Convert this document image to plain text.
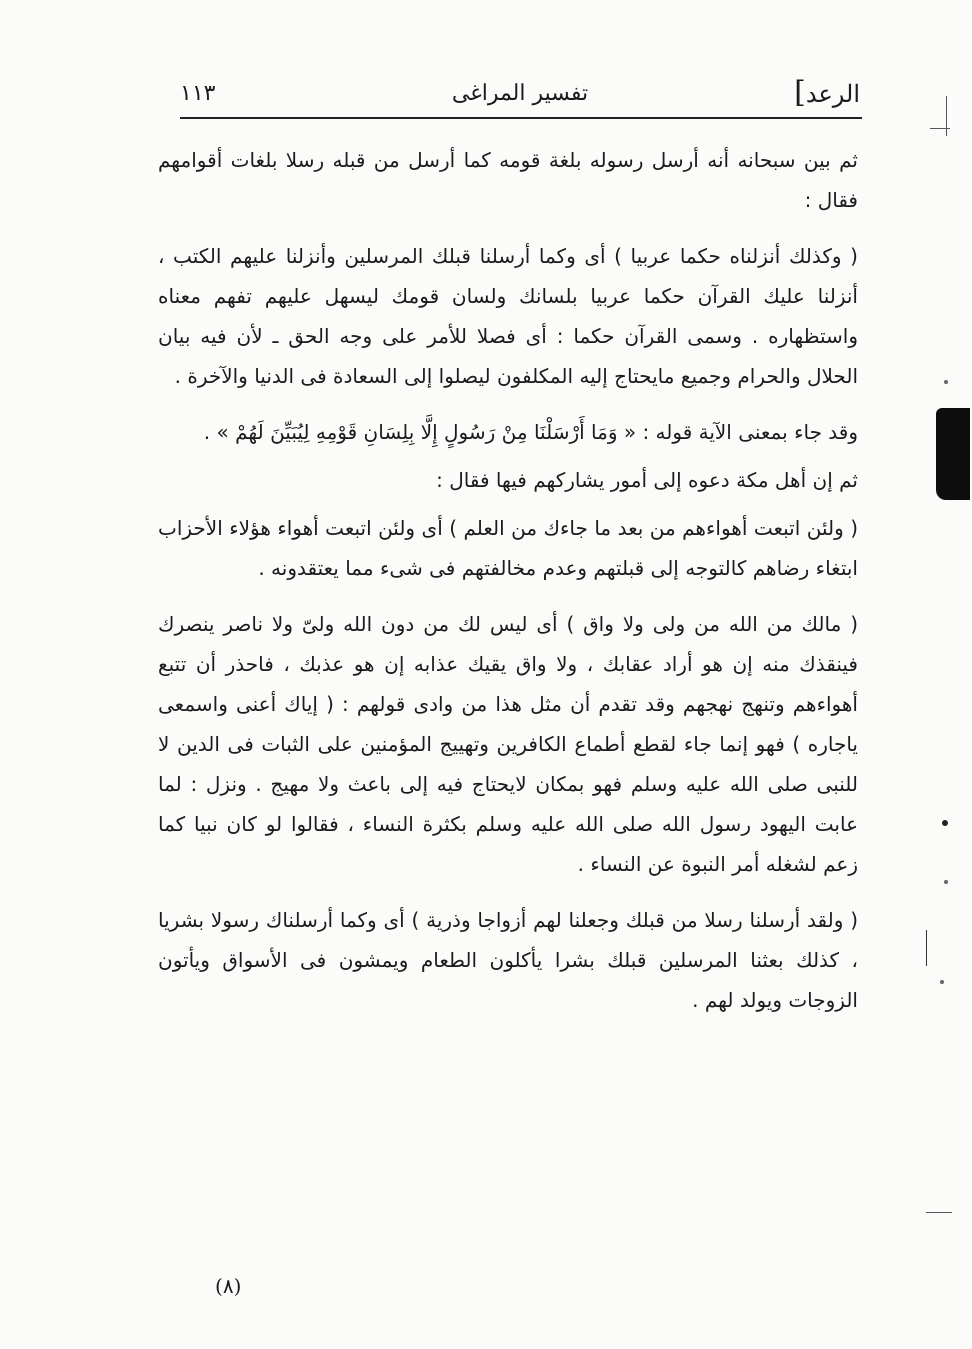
الرعد]
تفسير المراغى
١١٣

ثم بين سبحانه أنه أرسل رسوله بلغة قومه كما أرسل من قبله رسلا بلغات أقوامهم فقال :

( وكذلك أنزلناه حكما عربيا ) أى وكما أرسلنا قبلك المرسلين وأنزلنا عليهم الكتب ، أنزلنا عليك القرآن حكما عربيا بلسانك ولسان قومك ليسهل عليهم تفهم معناه واستظهاره . وسمى القرآن حكما : أى فصلا للأمر على وجه الحق ـ لأن فيه بيان الحلال والحرام وجميع مايحتاج إليه المكلفون ليصلوا إلى السعادة فى الدنيا والآخرة .

وقد جاء بمعنى الآية قوله : « وَمَا أَرْسَلْنَا مِنْ رَسُولٍ إِلَّا بِلِسَانِ قَوْمِهِ لِيُبَيِّنَ لَهُمْ » .

ثم إن أهل مكة دعوه إلى أمور يشاركهم فيها فقال :

( ولئن اتبعت أهواءهم من بعد ما جاءك من العلم ) أى ولئن اتبعت أهواء هؤلاء الأحزاب ابتغاء رضاهم كالتوجه إلى قبلتهم وعدم مخالفتهم فى شىء مما يعتقدونه .

( مالك من الله من ولى ولا واق ) أى ليس لك من دون الله ولىّ ولا ناصر ينصرك فينقذك منه إن هو أراد عقابك ، ولا واق يقيك عذابه إن هو عذبك ، فاحذر أن تتبع أهواءهم وتنهج نهجهم وقد تقدم أن مثل هذا من وادى قولهم : ( إياك أعنى واسمعى ياجاره ) فهو إنما جاء لقطع أطماع الكافرين وتهييج المؤمنين على الثبات فى الدين لا للنبى صلى الله عليه وسلم فهو بمكان لايحتاج فيه إلى باعث ولا مهيج . ونزل : لما عابت اليهود رسول الله صلى الله عليه وسلم بكثرة النساء ، فقالوا لو كان نبيا كما زعم لشغله أمر النبوة عن النساء .

( ولقد أرسلنا رسلا من قبلك وجعلنا لهم أزواجا وذرية ) أى وكما أرسلناك رسولا بشريا ، كذلك بعثنا المرسلين قبلك بشرا يأكلون الطعام ويمشون فى الأسواق ويأتون الزوجات ويولد لهم .

(٨)
